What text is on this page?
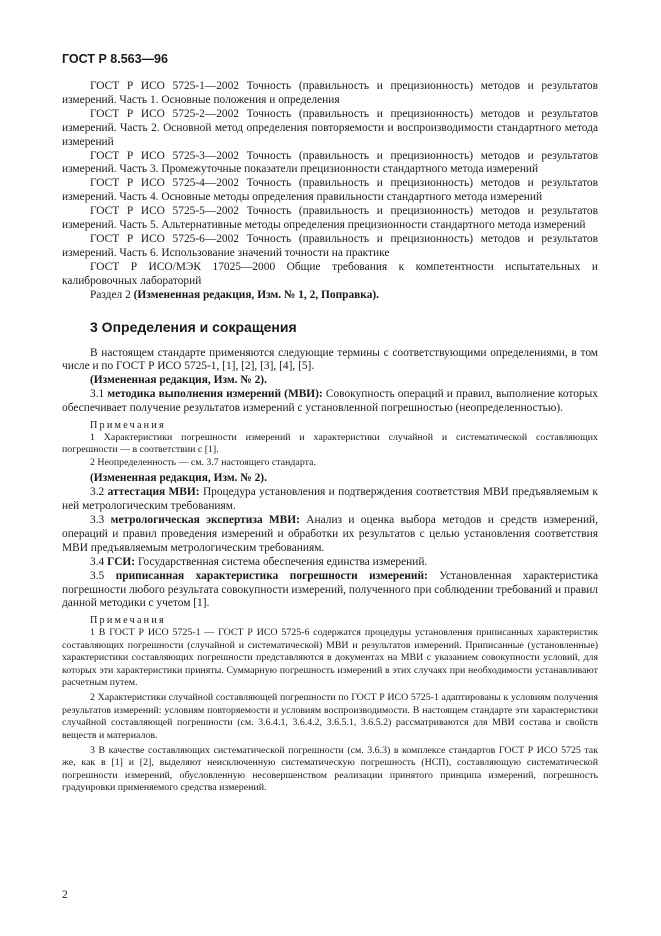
ГОСТ Р 8.563—96

ГОСТ Р ИСО 5725-1—2002 Точность (правильность и прецизионность) методов и результатов измерений. Часть 1. Основные положения и определения

ГОСТ Р ИСО 5725-2—2002 Точность (правильность и прецизионность) методов и результатов измерений. Часть 2. Основной метод определения повторяемости и воспроизводимости стандартного метода измерений

ГОСТ Р ИСО 5725-3—2002 Точность (правильность и прецизионность) методов и результатов измерений. Часть 3. Промежуточные показатели прецизионности стандартного метода измерений

ГОСТ Р ИСО 5725-4—2002 Точность (правильность и прецизионность) методов и результатов измерений. Часть 4. Основные методы определения правильности стандартного метода измерений

ГОСТ Р ИСО 5725-5—2002 Точность (правильность и прецизионность) методов и результатов измерений. Часть 5. Альтернативные методы определения прецизионности стандартного метода измерений

ГОСТ Р ИСО 5725-6—2002 Точность (правильность и прецизионность) методов и результатов измерений. Часть 6. Использование значений точности на практике

ГОСТ Р ИСО/МЭК 17025—2000 Общие требования к компетентности испытательных и калибровочных лабораторий

Раздел 2 (Измененная редакция, Изм. № 1, 2, Поправка).

3 Определения и сокращения

В настоящем стандарте применяются следующие термины с соответствующими определениями, в том числе и по ГОСТ Р ИСО 5725-1, [1], [2], [3], [4], [5].

(Измененная редакция, Изм. № 2).

3.1 методика выполнения измерений (МВИ): Совокупность операций и правил, выполнение которых обеспечивает получение результатов измерений с установленной погрешностью (неопределенностью).

Примечания

1 Характеристики погрешности измерений и характеристики случайной и систематической составляющих погрешности — в соответствии с [1].

2 Неопределенность — см. 3.7 настоящего стандарта.

(Измененная редакция, Изм. № 2).

3.2 аттестация МВИ: Процедура установления и подтверждения соответствия МВИ предъявляемым к ней метрологическим требованиям.

3.3 метрологическая экспертиза МВИ: Анализ и оценка выбора методов и средств измерений, операций и правил проведения измерений и обработки их результатов с целью установления соответствия МВИ предъявляемым метрологическим требованиям.

3.4 ГСИ: Государственная система обеспечения единства измерений.

3.5 приписанная характеристика погрешности измерений: Установленная характеристика погрешности любого результата совокупности измерений, полученного при соблюдении требований и правил данной методики с учетом [1].

Примечания

1 В ГОСТ Р ИСО 5725-1 — ГОСТ Р ИСО 5725-6 содержатся процедуры установления приписанных характеристик составляющих погрешности (случайной и систематической) МВИ и результатов измерений. Приписанные (установленные) характеристики составляющих погрешности представляются в документах на МВИ с указанием совокупности условий, для которых эти характеристики приняты. Суммарную погрешность измерений в этих случаях при необходимости устанавливают расчетным путем.

2 Характеристики случайной составляющей погрешности по ГОСТ Р ИСО 5725-1 адаптированы к условиям получения результатов измерений: условиям повторяемости и условиям воспроизводимости. В настоящем стандарте эти характеристики случайной составляющей погрешности (см. 3.6.4.1, 3.6.4.2, 3.6.5.1, 3.6.5.2) рассматриваются для МВИ состава и свойств веществ и материалов.

3 В качестве составляющих систематической погрешности (см. 3.6.3) в комплексе стандартов ГОСТ Р ИСО 5725 так же, как в [1] и [2], выделяют неисключенную систематическую погрешность (НСП), составляющую систематической погрешности измерений, обусловленную несовершенством реализации принятого принципа измерений, погрешность градуировки применяемого средства измерений.

2
